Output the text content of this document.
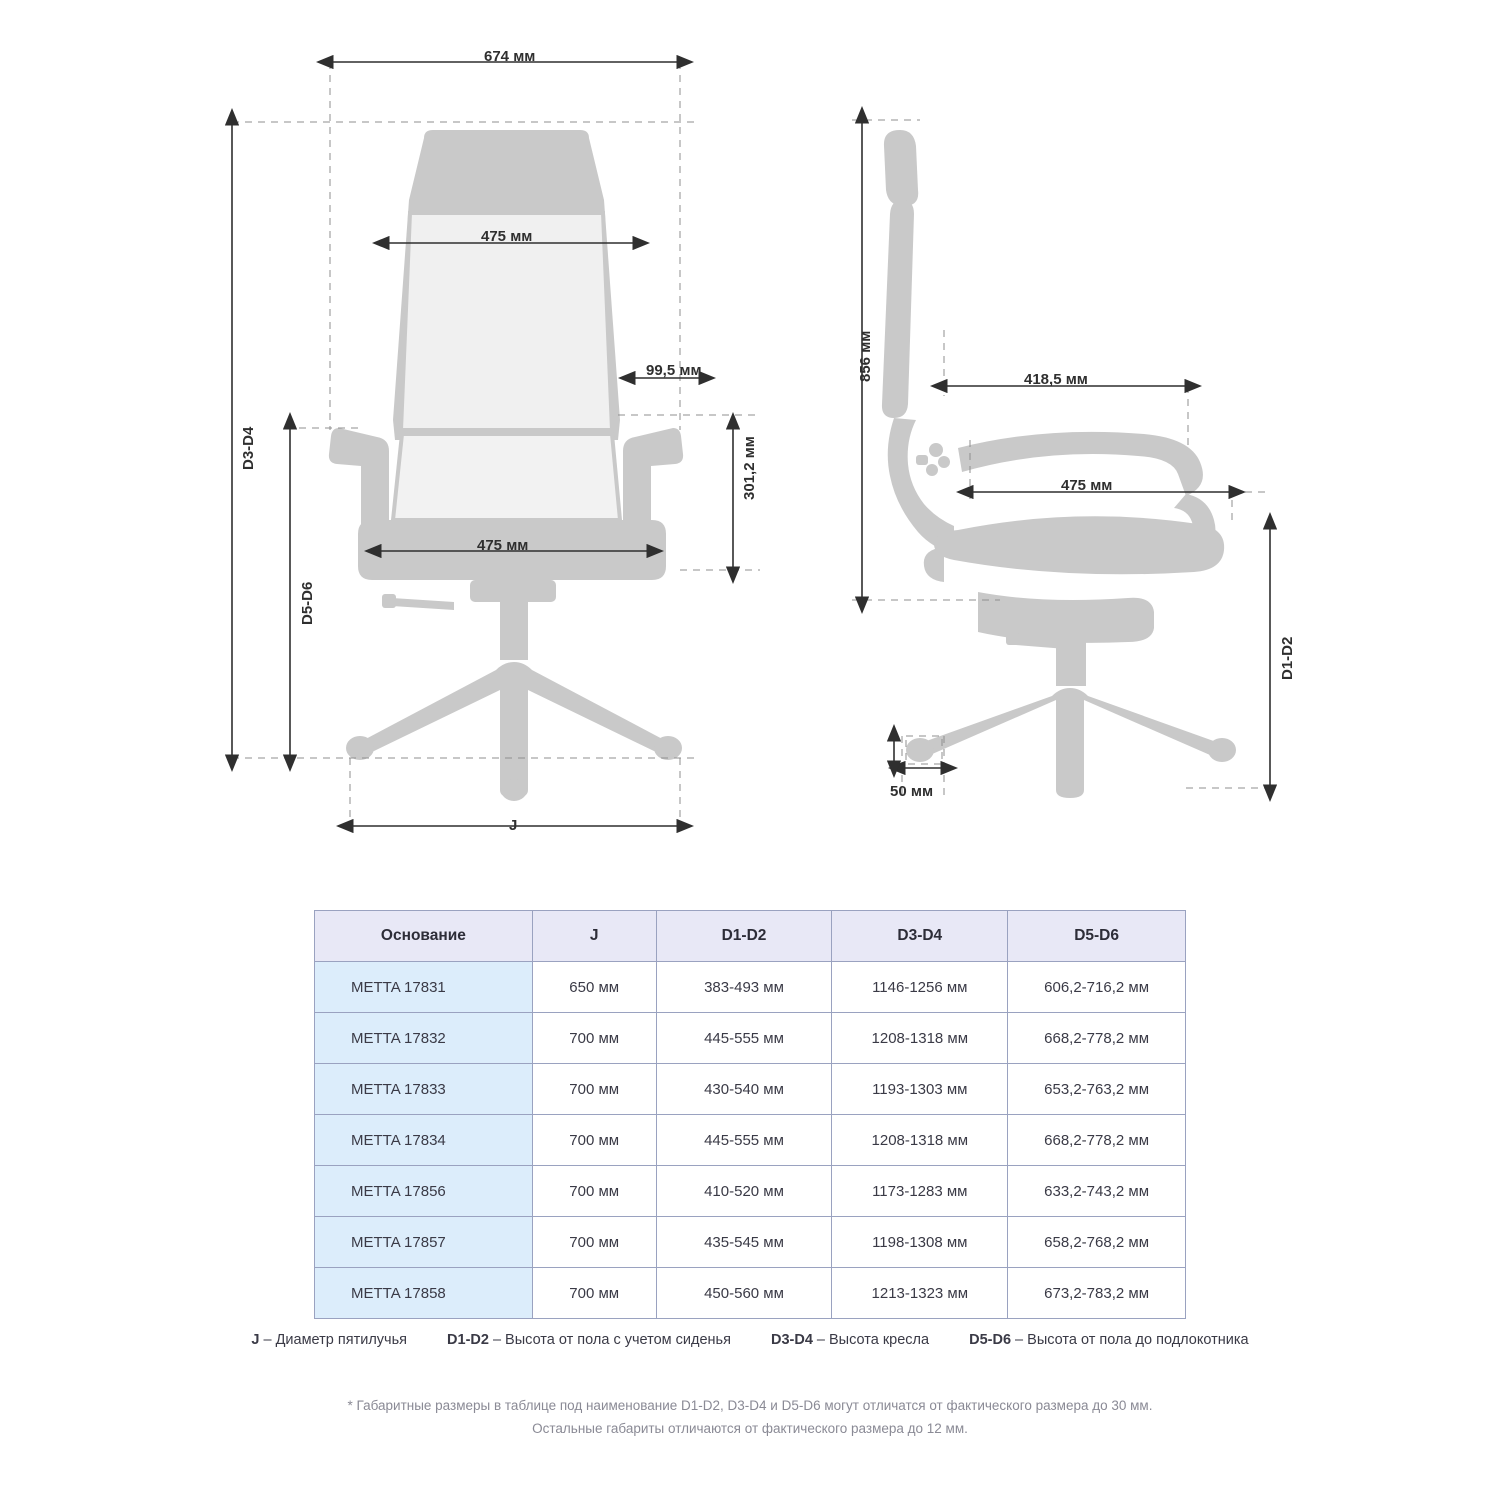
674 мм
475 мм
475 мм
99,5 мм
301,2 мм
D3-D4
D5-D6
J
856 мм	418,5 мм
475 мм
D1-D2
50 мм
Основание	J	D1-D2	D3-D4	D5-D6
METTA 17831	650 мм	383-493 мм	1146-1256 мм	606,2-716,2 мм
METTA 17832	700 мм	445-555 мм	1208-1318 мм	668,2-778,2 мм
METTA 17833	700 мм	430-540 мм	1193-1303 мм	653,2-763,2 мм
METTA 17834	700 мм	445-555 мм	1208-1318 мм	668,2-778,2 мм
METTA 17856	700 мм	410-520 мм	1173-1283 мм	633,2-743,2 мм
METTA 17857	700 мм	435-545 мм	1198-1308 мм	658,2-768,2 мм
METTA 17858	700 мм	450-560 мм	1213-1323 мм	673,2-783,2 мм
J – Диаметр пятилучья	D1-D2 – Высота от пола с учетом сиденья	D3-D4 – Высота кресла	D5-D6 – Высота от пола до подлокотника
* Габаритные размеры в таблице под наименование D1-D2, D3-D4 и D5-D6 могут отличатся от фактического размера до 30 мм.
Остальные габариты отличаются от фактического размера до 12 мм.
